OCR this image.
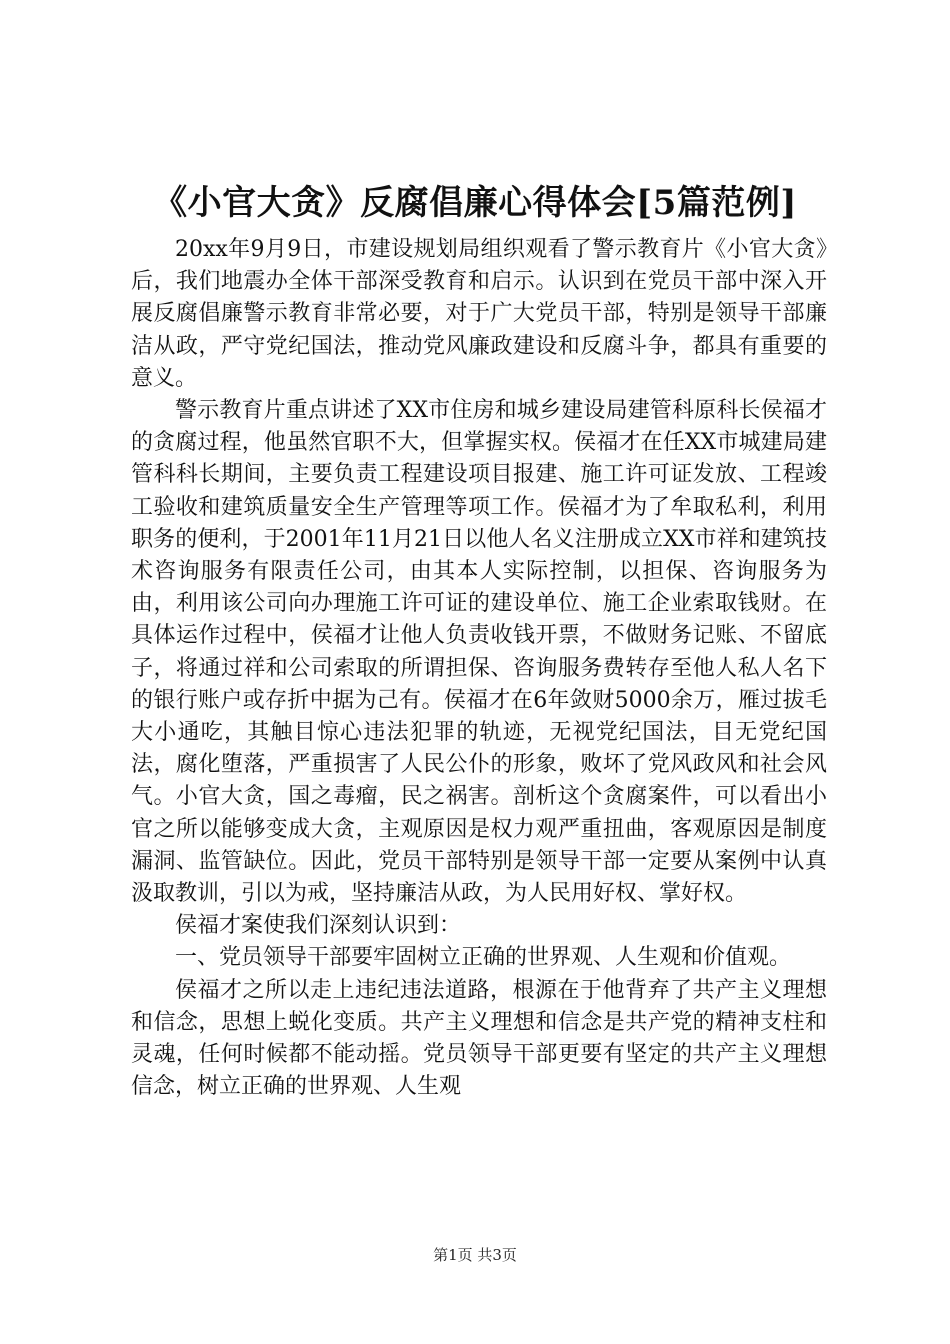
《小官大贪》反腐倡廉心得体会[5篇范例]

20xx年9月9日，市建设规划局组织观看了警示教育片《小官大贪》后，我们地震办全体干部深受教育和启示。认识到在党员干部中深入开展反腐倡廉警示教育非常必要，对于广大党员干部，特别是领导干部廉洁从政，严守党纪国法，推动党风廉政建设和反腐斗争，都具有重要的意义。

警示教育片重点讲述了XX市住房和城乡建设局建管科原科长侯福才的贪腐过程，他虽然官职不大，但掌握实权。侯福才在任XX市城建局建管科科长期间，主要负责工程建设项目报建、施工许可证发放、工程竣工验收和建筑质量安全生产管理等项工作。侯福才为了牟取私利，利用职务的便利，于2001年11月21日以他人名义注册成立XX市祥和建筑技术咨询服务有限责任公司，由其本人实际控制，以担保、咨询服务为由，利用该公司向办理施工许可证的建设单位、施工企业索取钱财。在具体运作过程中，侯福才让他人负责收钱开票，不做财务记账、不留底子，将通过祥和公司索取的所谓担保、咨询服务费转存至他人私人名下的银行账户或存折中据为己有。侯福才在6年敛财5000余万，雁过拔毛大小通吃，其触目惊心违法犯罪的轨迹，无视党纪国法，目无党纪国法，腐化堕落，严重损害了人民公仆的形象，败坏了党风政风和社会风气。小官大贪，国之毒瘤，民之祸害。剖析这个贪腐案件，可以看出小官之所以能够变成大贪，主观原因是权力观严重扭曲，客观原因是制度漏洞、监管缺位。因此，党员干部特别是领导干部一定要从案例中认真汲取教训，引以为戒，坚持廉洁从政，为人民用好权、掌好权。

侯福才案使我们深刻认识到：

一、党员领导干部要牢固树立正确的世界观、人生观和价值观。

侯福才之所以走上违纪违法道路，根源在于他背弃了共产主义理想和信念，思想上蜕化变质。共产主义理想和信念是共产党的精神支柱和灵魂，任何时候都不能动摇。党员领导干部更要有坚定的共产主义理想信念，树立正确的世界观、人生观

第1页 共3页
